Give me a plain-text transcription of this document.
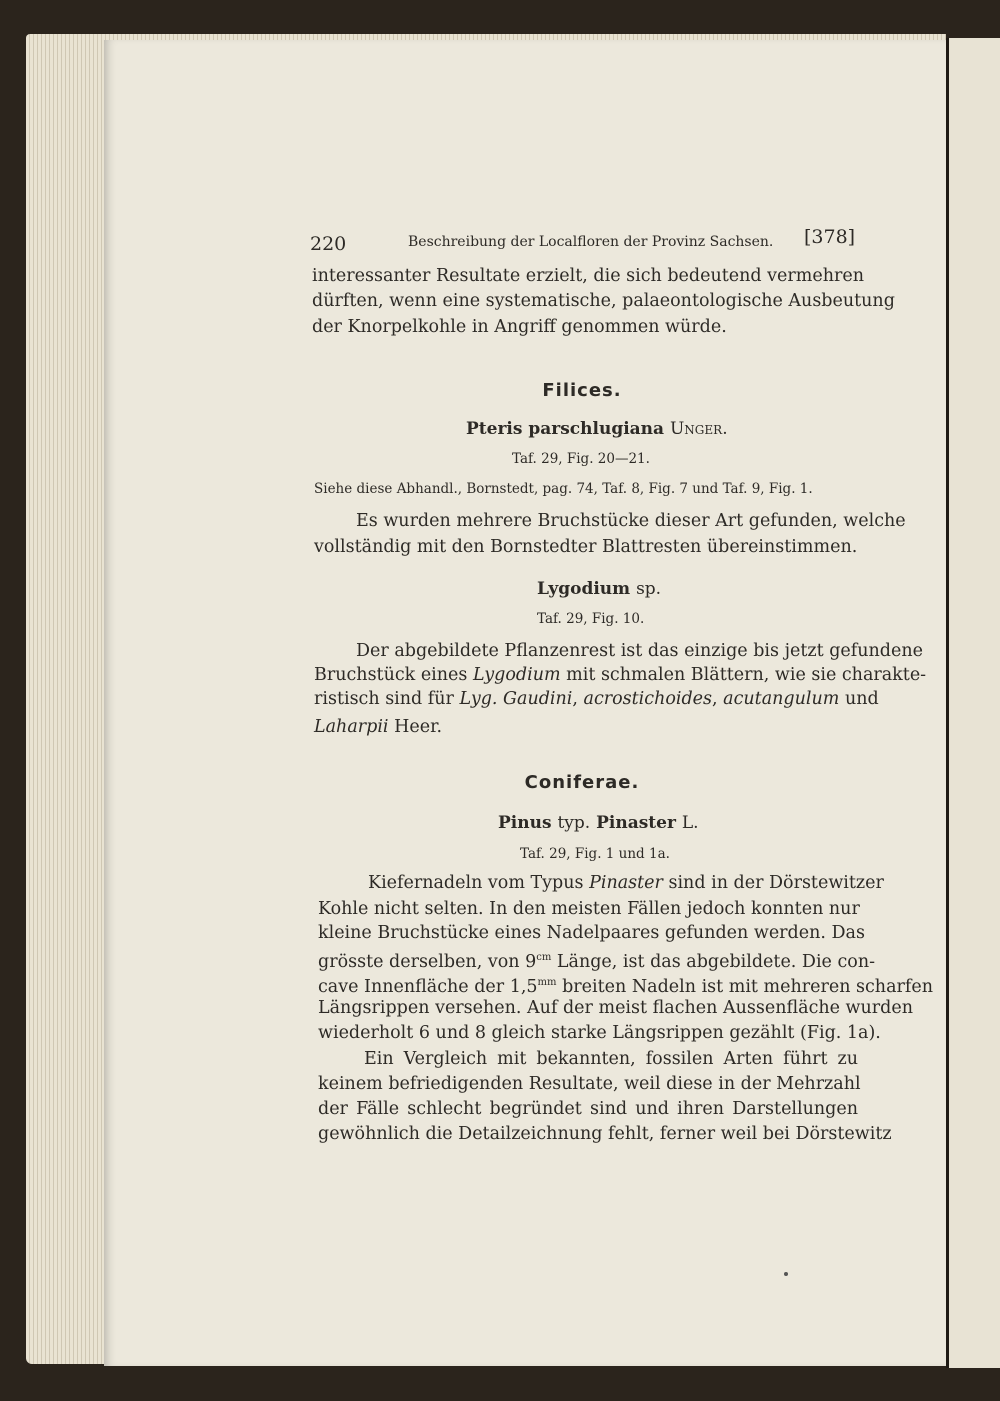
220	Beschreibung der Localfloren der Provinz Sachsen. [378]
interessanter Resultate erzielt, die sich bedeutend vermehren
dürften, wenn eine systematische, palaeontologische Ausbeutung
der Knorpelkohle in Angriff genommen würde.
Filices.
Pteris parschlugiana Unger.
Taf. 29, Fig. 20—21.
Siehe diese Abhandl., Bornstedt, pag. 74, Taf. 8, Fig. 7 und Taf. 9, Fig. 1.
Es wurden mehrere Bruchstücke dieser Art gefunden, welche
vollständig mit den Bornstedter Blattresten übereinstimmen.
Lygodium sp.
Taf. 29, Fig. 10.
Der abgebildete Pflanzenrest ist das einzige bis jetzt gefundene
Bruchstück eines Lygodium mit schmalen Blättern, wie sie charakte-
ristisch sind für Lyg. Gaudini, acrostichoides, acutangulum und
Laharpii Heer.
Coniferae.
Pinus typ. Pinaster L.
Taf. 29, Fig. 1 und 1a.
Kiefernadeln vom Typus Pinaster sind in der Dörstewitzer
Kohle nicht selten. In den meisten Fällen jedoch konnten nur
kleine Bruchstücke eines Nadelpaares gefunden werden. Das
grösste derselben, von $9^{cm}$ Länge, ist das abgebildete. Die con-
cave Innenfläche der $1,5^{mm}$ breiten Nadeln ist mit mehreren scharfen
Längsrippen versehen. Auf der meist flachen Aussenfläche wurden
wiederholt 6 und 8 gleich starke Längsrippen gezählt (Fig. 1a).
Ein Vergleich mit bekannten, fossilen Arten führt zu
keinem befriedigenden Resultate, weil diese in der Mehrzahl
der Fälle schlecht begründet sind und ihren Darstellungen
gewöhnlich die Detailzeichnung fehlt, ferner weil bei Dörstewitz
